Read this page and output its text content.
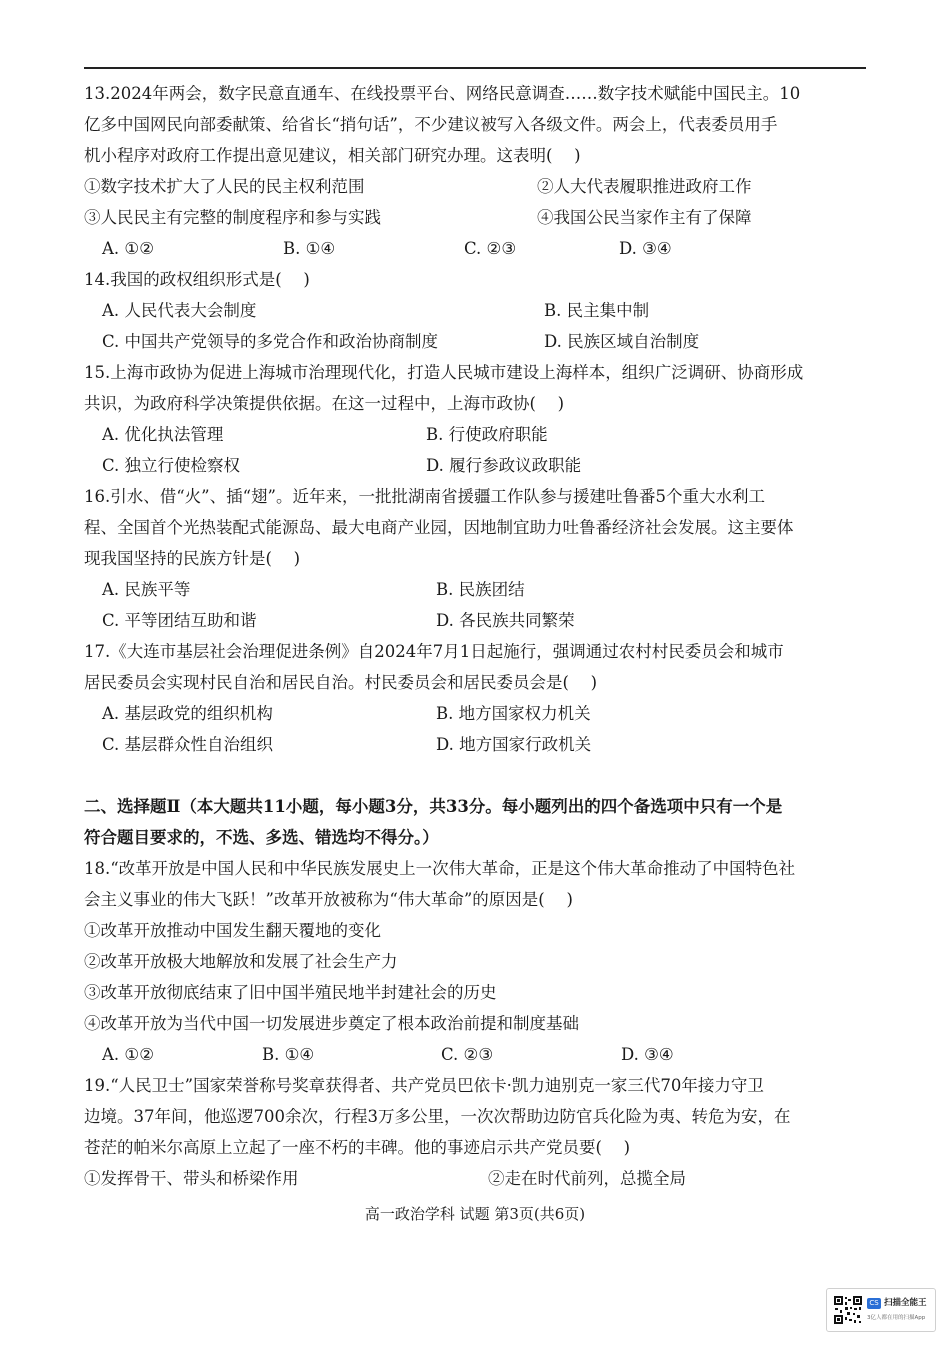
13.2024年两会，数字民意直通车、在线投票平台、网络民意调查……数字技术赋能中国民主。10
亿多中国网民向部委献策、给省长“捎句话”，不少建议被写入各级文件。两会上，代表委员用手
机小程序对政府工作提出意见建议，相关部门研究办理。这表明(　 )
①数字技术扩大了人民的民主权利范围	②人大代表履职推进政府工作
③人民民主有完整的制度程序和参与实践	④我国公民当家作主有了保障
A. ①②	B. ①④	C. ②③	D. ③④
14.我国的政权组织形式是(　 )
A. 人民代表大会制度	B. 民主集中制
C. 中国共产党领导的多党合作和政治协商制度	D. 民族区域自治制度
15.上海市政协为促进上海城市治理现代化，打造人民城市建设上海样本，组织广泛调研、协商形成
共识，为政府科学决策提供依据。在这一过程中，上海市政协(　 )
A. 优化执法管理	B. 行使政府职能
C. 独立行使检察权	D. 履行参政议政职能
16.引水、借“火”、插“翅”。近年来，一批批湖南省援疆工作队参与援建吐鲁番5个重大水利工
程、全国首个光热装配式能源岛、最大电商产业园，因地制宜助力吐鲁番经济社会发展。这主要体
现我国坚持的民族方针是(　 )
A. 民族平等	B. 民族团结
C. 平等团结互助和谐	D. 各民族共同繁荣
17.《大连市基层社会治理促进条例》自2024年7月1日起施行，强调通过农村村民委员会和城市
居民委员会实现村民自治和居民自治。村民委员会和居民委员会是(　 )
A. 基层政党的组织机构	B. 地方国家权力机关
C. 基层群众性自治组织	D. 地方国家行政机关
二、选择题Ⅱ（本大题共11小题，每小题3分，共33分。每小题列出的四个备选项中只有一个是
符合题目要求的，不选、多选、错选均不得分。）
18.“改革开放是中国人民和中华民族发展史上一次伟大革命，正是这个伟大革命推动了中国特色社
会主义事业的伟大飞跃！”改革开放被称为“伟大革命”的原因是(　 )
①改革开放推动中国发生翻天覆地的变化
②改革开放极大地解放和发展了社会生产力
③改革开放彻底结束了旧中国半殖民地半封建社会的历史
④改革开放为当代中国一切发展进步奠定了根本政治前提和制度基础
A. ①②	B. ①④	C. ②③	D. ③④
19.“人民卫士”国家荣誉称号奖章获得者、共产党员巴依卡·凯力迪别克一家三代70年接力守卫
边境。37年间，他巡逻700余次，行程3万多公里，一次次帮助边防官兵化险为夷、转危为安，在
苍茫的帕米尔高原上立起了一座不朽的丰碑。他的事迹启示共产党员要(　 )
①发挥骨干、带头和桥梁作用	②走在时代前列，总揽全局
高一政治学科 试题 第3页(共6页)
CS 扫描全能王
3亿人都在用的扫描App
